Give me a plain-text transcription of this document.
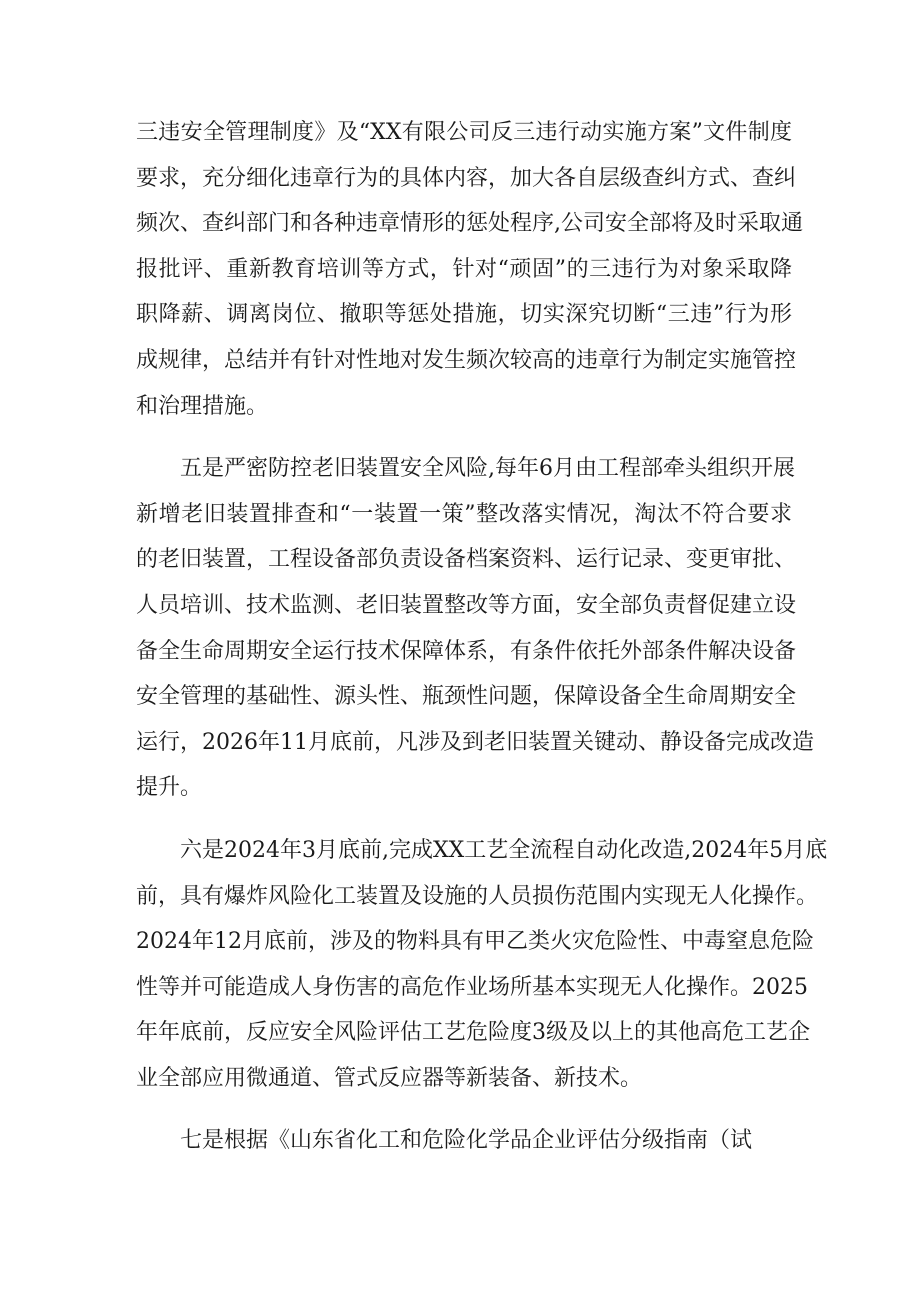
三违安全管理制度》及“XX有限公司反三违行动实施方案”文件制度
要求，充分细化违章行为的具体内容，加大各自层级查纠方式、查纠
频次、查纠部门和各种违章情形的惩处程序,公司安全部将及时采取通
报批评、重新教育培训等方式，针对“顽固”的三违行为对象采取降
职降薪、调离岗位、撤职等惩处措施，切实深究切断“三违”行为形
成规律，总结并有针对性地对发生频次较高的违章行为制定实施管控
和治理措施。

五是严密防控老旧装置安全风险,每年6月由工程部牵头组织开展
新增老旧装置排查和“一装置一策”整改落实情况，淘汰不符合要求
的老旧装置，工程设备部负责设备档案资料、运行记录、变更审批、
人员培训、技术监测、老旧装置整改等方面，安全部负责督促建立设
备全生命周期安全运行技术保障体系，有条件依托外部条件解决设备
安全管理的基础性、源头性、瓶颈性问题，保障设备全生命周期安全
运行，2026年11月底前，凡涉及到老旧装置关键动、静设备完成改造
提升。

六是2024年3月底前,完成XX工艺全流程自动化改造,2024年5月底
前，具有爆炸风险化工装置及设施的人员损伤范围内实现无人化操作。
2024年12月底前，涉及的物料具有甲乙类火灾危险性、中毒窒息危险
性等并可能造成人身伤害的高危作业场所基本实现无人化操作。2025
年年底前，反应安全风险评估工艺危险度3级及以上的其他高危工艺企
业全部应用微通道、管式反应器等新装备、新技术。

七是根据《山东省化工和危险化学品企业评估分级指南（试
